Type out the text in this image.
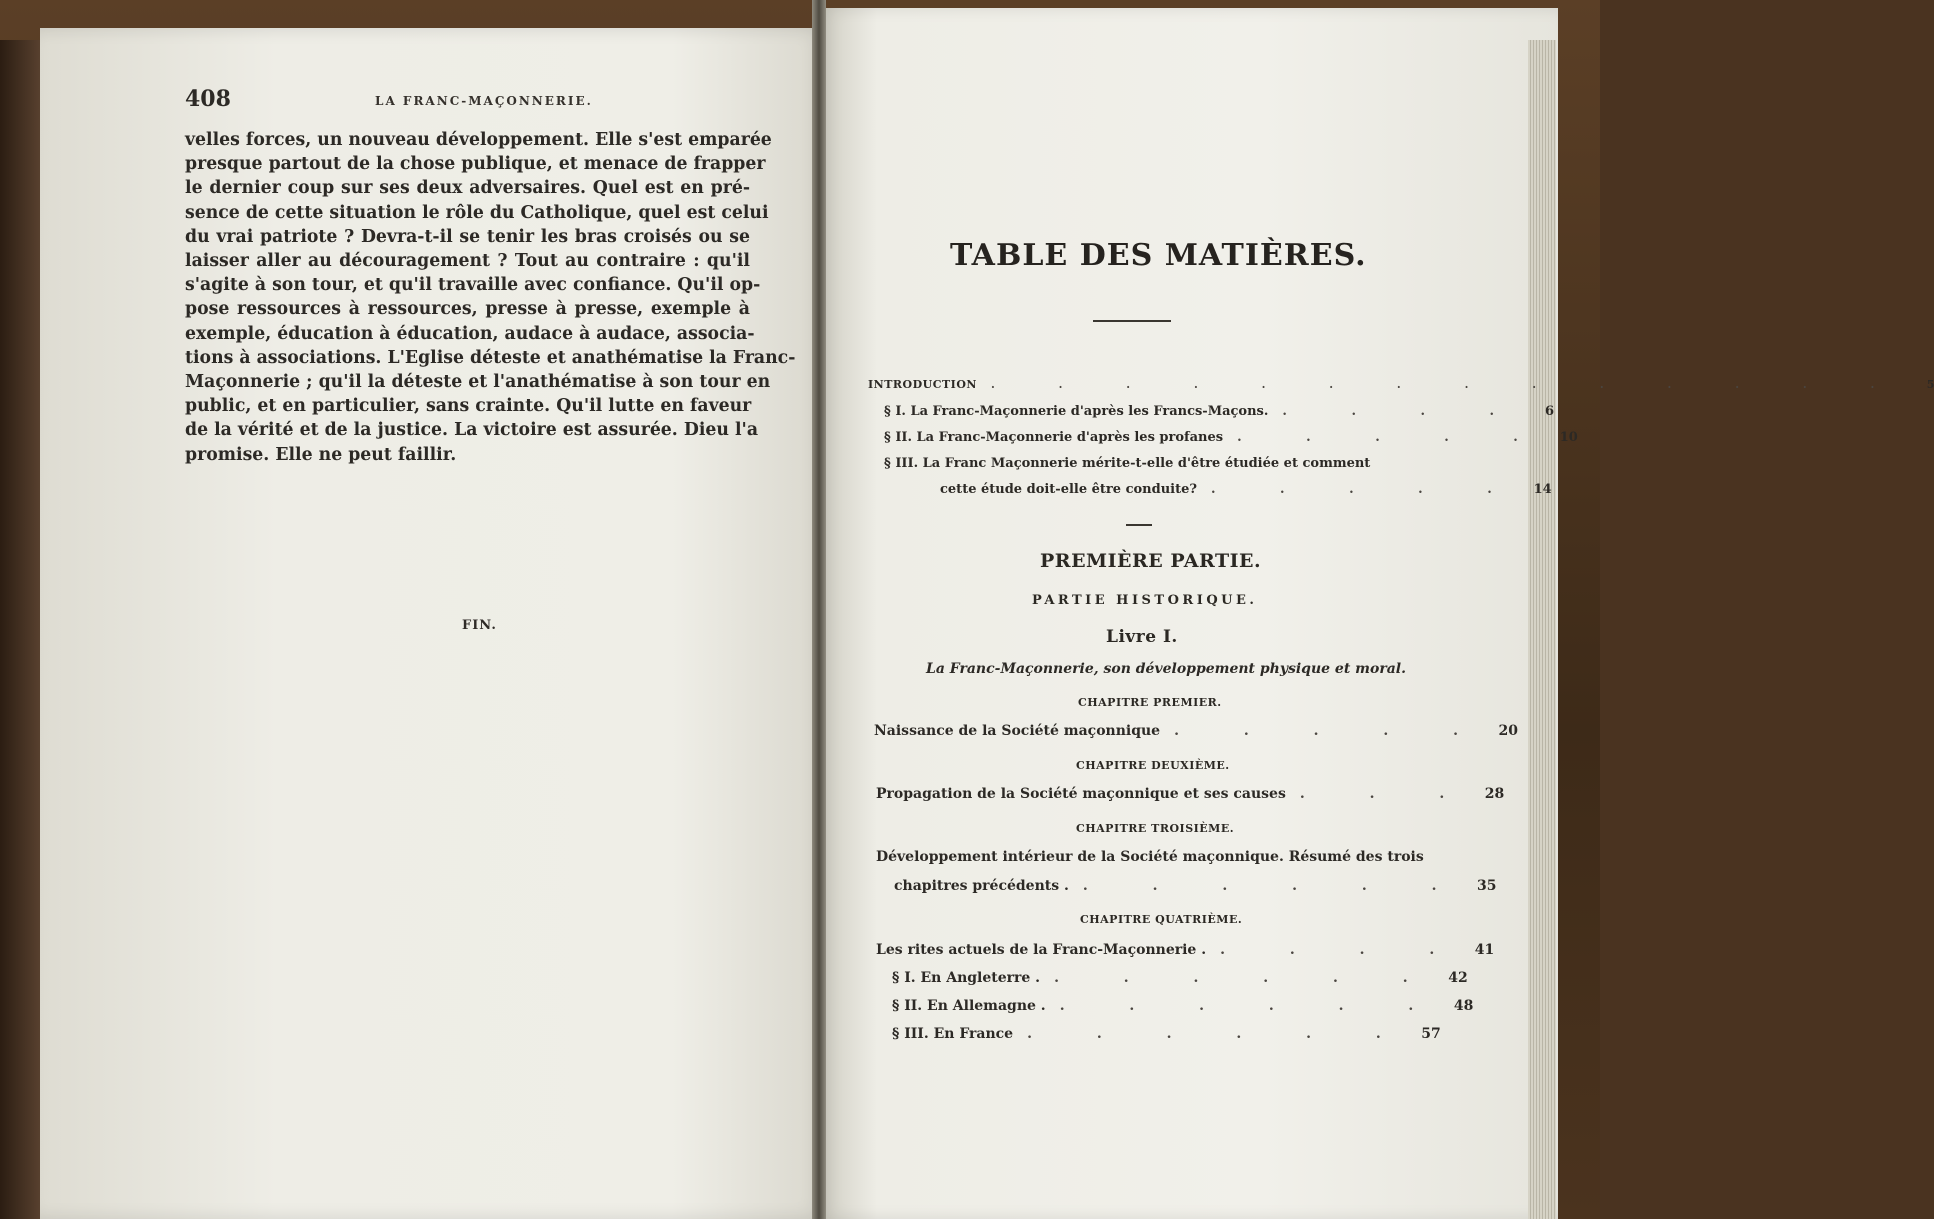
408	LA FRANC-MAÇONNERIE.
velles forces, un nouveau développement. Elle s'est emparée
presque partout de la chose publique, et menace de frapper
le dernier coup sur ses deux adversaires. Quel est en pré-
sence de cette situation le rôle du Catholique, quel est celui
du vrai patriote ? Devra-t-il se tenir les bras croisés ou se
laisser aller au découragement ? Tout au contraire : qu'il
s'agite à son tour, et qu'il travaille avec confiance. Qu'il op-
pose ressources à ressources, presse à presse, exemple à
exemple, éducation à éducation, audace à audace, associa-
tions à associations. L'Eglise déteste et anathématise la Franc-
Maçonnerie ; qu'il la déteste et l'anathématise à son tour en
public, et en particulier, sans crainte. Qu'il lutte en faveur
de la vérité et de la justice. La victoire est assurée. Dieu l'a
promise. Elle ne peut faillir.
FIN.
TABLE DES MATIÈRES.
INTRODUCTION	. . . . . . . . . . . . . .	5
§ I. La Franc-Maçonnerie d'après les Francs-Maçons.	. . . .	6
§ II. La Franc-Maçonnerie d'après les profanes	. . . . . 10
§ III. La Franc Maçonnerie mérite-t-elle d'être étudiée et comment
cette étude doit-elle être conduite?	. . . . . 14
PREMIÈRE PARTIE.
PARTIE HISTORIQUE.
Livre I.
La Franc-Maçonnerie, son développement physique et moral.
CHAPITRE PREMIER.
Naissance de la Société maçonnique	. . . . . 20
CHAPITRE DEUXIÈME.
Propagation de la Société maçonnique et ses causes	. . . 28
CHAPITRE TROISIÈME.
Développement intérieur de la Société maçonnique. Résumé des trois
chapitres précédents .	. . . . . . 35
CHAPITRE QUATRIÈME.
Les rites actuels de la Franc-Maçonnerie .	. . . . 41
§ I. En Angleterre .	. . . . . . 42
§ II. En Allemagne .	. . . . . . 48
§ III. En France	. . . . . . 57
